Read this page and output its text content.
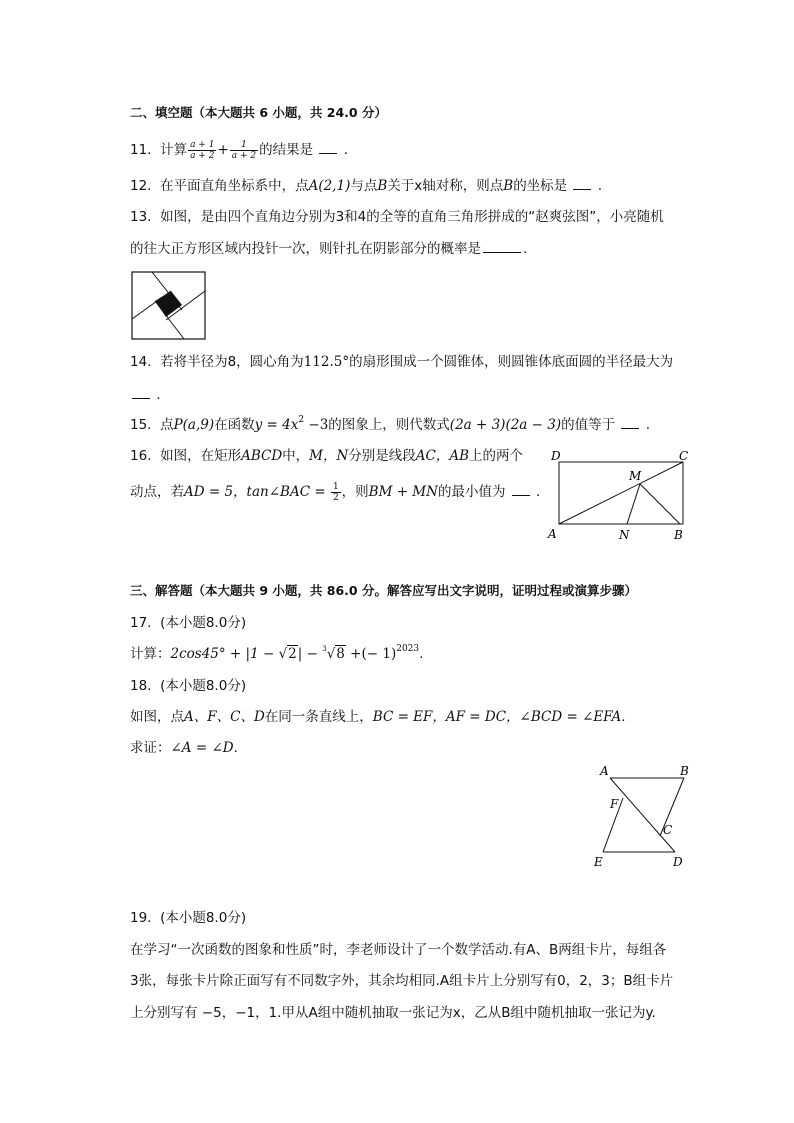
二、填空题（本大题共 6 小题，共 24.0 分）
11. 计算 $\frac{a + 1}{a + 2} + \frac{1}{a + 2}$ 的结果是 .
12. 在平面直角坐标系中，点A(2,1)与点B关于x轴对称，则点B的坐标是 .
13. 如图，是由四个直角边分别为3和4的全等的直角三角形拼成的“赵爽弦图”，小亮随机
的往大正方形区域内投针一次，则针扎在阴影部分的概率是	.
14. 若将半径为8，圆心角为112.5°的扇形围成一个圆锥体，则圆锥体底面圆的半径最大为
.
15. 点P(a,9)在函数$y = 4x^2 -3$的图象上，则代数式(2a + 3)(2a − 3)的值等于 .
16. 如图，在矩形ABCD中，M，N分别是线段AC，AB上的两个
动点，若AD = 5，tan∠BAC = $\frac{1}{2}$ ，则BM + MN的最小值为 .
D	C
M
A	N	B
三、解答题（本大题共 9 小题，共 86.0 分。解答应写出文字说明，证明过程或演算步骤）
17. (本小题8.0分)
计算：2cos45° + |1 − √2| − $^3$√8 +(− 1)$^{2023}$.
18. (本小题8.0分)
如图，点A、F、C、D在同一条直线上，BC = EF，AF = DC，∠BCD = ∠EFA.
求证：∠A = ∠D.
A	B
F
C
E	D
19. (本小题8.0分)
在学习“一次函数的图象和性质”时，李老师设计了一个数学活动.有A、B两组卡片，每组各
3张，每张卡片除正面写有不同数字外，其余均相同.A组卡片上分别写有0，2，3；B组卡片
上分别写有 −5，−1，1.甲从A组中随机抽取一张记为x，乙从B组中随机抽取一张记为y.
